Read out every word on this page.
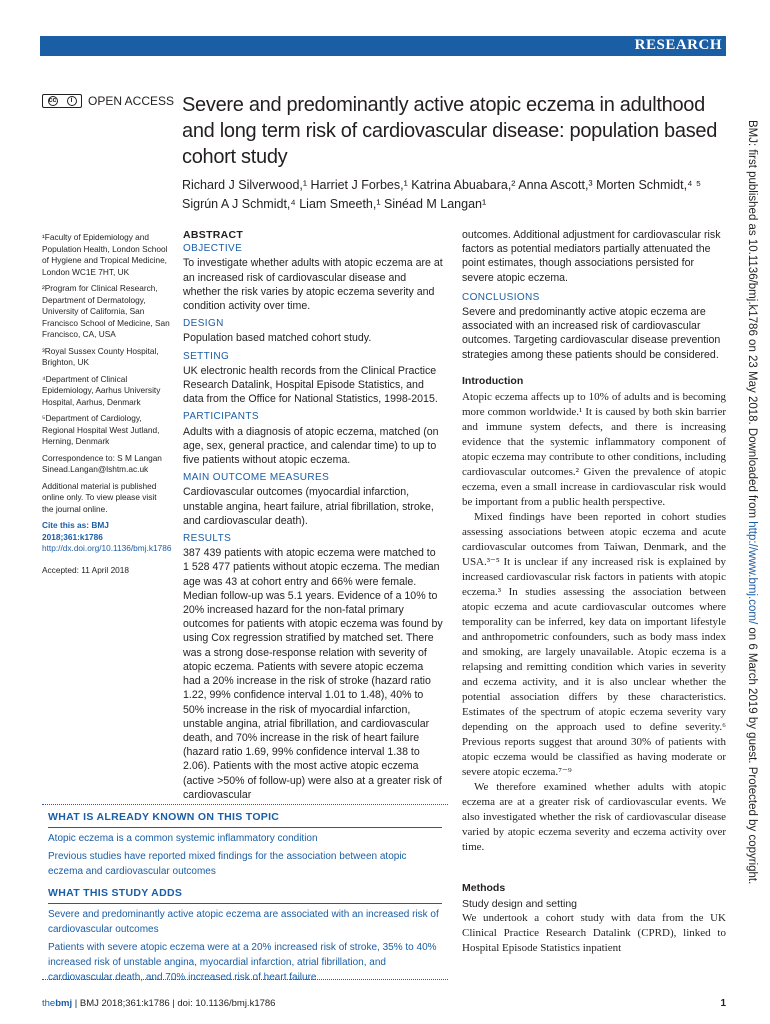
RESEARCH
cc	i	OPEN ACCESS Severe and predominantly active atopic eczema in adulthood and long term risk of cardiovascular disease: population based cohort study
Richard J Silverwood,¹ Harriet J Forbes,¹ Katrina Abuabara,² Anna Ascott,³ Morten Schmidt,⁴ ⁵
Sigrún A J Schmidt,⁴ Liam Smeeth,¹ Sinéad M Langan¹	BMJ: first published as 10.1136/bmj.k1786 on 23 May 2018. Downloaded from http://www.bmj.com/ on 6 March 2019 by guest. Protected by copyright.

¹Faculty of Epidemiology and Population Health, London School of Hygiene and Tropical Medicine, London WC1E 7HT, UK

²Program for Clinical Research, Department of Dermatology, University of California, San Francisco School of Medicine, San Francisco, CA, USA

³Royal Sussex County Hospital, Brighton, UK

⁴Department of Clinical Epidemiology, Aarhus University Hospital, Aarhus, Denmark

⁵Department of Cardiology, Regional Hospital West Jutland, Herning, Denmark

Correspondence to: S M Langan Sinead.Langan@lshtm.ac.uk

Additional material is published online only. To view please visit the journal online.

Cite this as: BMJ 2018;361:k1786
http://dx.doi.org/10.1136/bmj.k1786

Accepted: 11 April 2018

ABSTRACT
OBJECTIVE

To investigate whether adults with atopic eczema are at an increased risk of cardiovascular disease and whether the risk varies by atopic eczema severity and condition activity over time.

DESIGN

Population based matched cohort study.

SETTING

UK electronic health records from the Clinical Practice Research Datalink, Hospital Episode Statistics, and data from the Office for National Statistics, 1998-2015.

PARTICIPANTS

Adults with a diagnosis of atopic eczema, matched (on age, sex, general practice, and calendar time) to up to five patients without atopic eczema.

MAIN OUTCOME MEASURES

Cardiovascular outcomes (myocardial infarction, unstable angina, heart failure, atrial fibrillation, stroke, and cardiovascular death).

RESULTS

387 439 patients with atopic eczema were matched to 1 528 477 patients without atopic eczema. The median age was 43 at cohort entry and 66% were female. Median follow-up was 5.1 years. Evidence of a 10% to 20% increased hazard for the non-fatal primary outcomes for patients with atopic eczema was found by using Cox regression stratified by matched set. There was a strong dose-response relation with severity of atopic eczema. Patients with severe atopic eczema had a 20% increase in the risk of stroke (hazard ratio 1.22, 99% confidence interval 1.01 to 1.48), 40% to 50% increase in the risk of myocardial infarction, unstable angina, atrial fibrillation, and cardiovascular death, and 70% increase in the risk of heart failure (hazard ratio 1.69, 99% confidence interval 1.38 to 2.06). Patients with the most active atopic eczema (active >50% of follow-up) were also at a greater risk of cardiovascular

outcomes. Additional adjustment for cardiovascular risk factors as potential mediators partially attenuated the point estimates, though associations persisted for severe atopic eczema.

CONCLUSIONS

Severe and predominantly active atopic eczema are associated with an increased risk of cardiovascular outcomes. Targeting cardiovascular disease prevention strategies among these patients should be considered.

Introduction

Atopic eczema affects up to 10% of adults and is becoming more common worldwide.¹ It is caused by both skin barrier and immune system defects, and there is increasing evidence that the systemic inflammatory component of atopic eczema may contribute to other conditions, including cardiovascular outcomes.² Given the prevalence of atopic eczema, even a small increase in cardiovascular risk would be important from a public health perspective.

Mixed findings have been reported in cohort studies assessing associations between atopic eczema and acute cardiovascular outcomes from Taiwan, Denmark, and the USA.³⁻⁵ It is unclear if any increased risk is explained by increased cardiovascular risk factors in patients with atopic eczema.³ In studies assessing the association between atopic eczema and acute cardiovascular outcomes where temporality can be inferred, key data on important lifestyle and anthropometric confounders, such as body mass index and smoking, are largely unavailable. Atopic eczema is a relapsing and remitting condition which varies in severity and eczema activity, and it is also unclear whether the potential association differs by these characteristics. Estimates of the spectrum of atopic eczema severity vary depending on the approach used to define severity.⁶ Previous reports suggest that around 30% of patients with atopic eczema would be classified as having moderate or severe atopic eczema.⁷⁻⁹

We therefore examined whether adults with atopic eczema are at a greater risk of cardiovascular events. We also investigated whether the risk of cardiovascular disease varied by atopic eczema severity and eczema activity over time.

Methods
Study design and setting

We undertook a cohort study with data from the UK Clinical Practice Research Datalink (CPRD), linked to Hospital Episode Statistics inpatient

WHAT IS ALREADY KNOWN ON THIS TOPIC
Atopic eczema is a common systemic inflammatory condition
Previous studies have reported mixed findings for the association between atopic eczema and cardiovascular outcomes
WHAT THIS STUDY ADDS
Severe and predominantly active atopic eczema are associated with an increased risk of cardiovascular outcomes
Patients with severe atopic eczema were at a 20% increased risk of stroke, 35% to 40% increased risk of unstable angina, myocardial infarction, atrial fibrillation, and cardiovascular death, and 70% increased risk of heart failure
thebmj | BMJ 2018;361:k1786 | doi: 10.1136/bmj.k1786	1
